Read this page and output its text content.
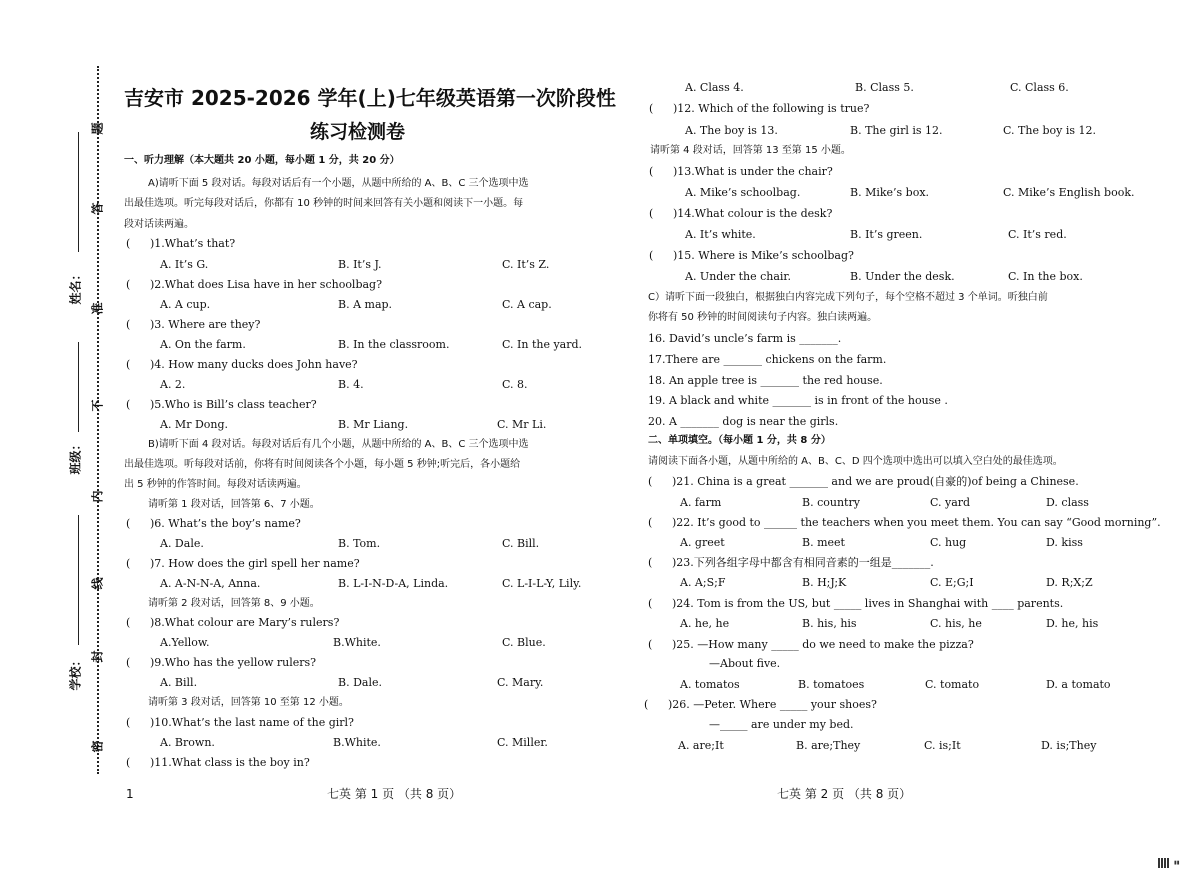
题
答
准
不
内
线
封
密
姓名：
班级：
学校：
吉安市 2025-2026 学年(上)七年级英语第一次阶段性
练习检测卷
一、听力理解（本大题共 20 小题，每小题 1 分，共 20 分）
A)请听下面 5 段对话。每段对话后有一个小题，从题中所给的 A、B、C 三个选项中选
出最佳选项。听完每段对话后，你都有 10 秒钟的时间来回答有关小题和阅读下一小题。每
段对话读两遍。
( )1.What’s that?
A. It’s G.	B. It’s J.	C. It’s Z.
( )2.What does Lisa have in her schoolbag?
A. A cup.	B. A map.	C. A cap.
( )3. Where are they?
A. On the farm.	B. In the classroom.	C. In the yard.
( )4. How many ducks does John have?
A. 2.	B. 4.	C. 8.
( )5.Who is Bill’s class teacher?
A. Mr Dong.	B. Mr Liang.	C. Mr Li.
B)请听下面 4 段对话。每段对话后有几个小题，从题中所给的 A、B、C 三个选项中选
出最佳选项。听每段对话前，你将有时间阅读各个小题，每小题 5 秒钟;听完后，各小题给
出 5 秒钟的作答时间。每段对话读两遍。
请听第 1 段对话，回答第 6、7 小题。
( )6. What’s the boy’s name?
A. Dale.	B. Tom.	C. Bill.
( )7. How does the girl spell her name?
A. A-N-N-A, Anna.	B. L-I-N-D-A, Linda.	C. L-I-L-Y, Lily.
请听第 2 段对话，回答第 8、9 小题。
( )8.What colour are Mary’s rulers?
A.Yellow.	B.White.	C. Blue.
( )9.Who has the yellow rulers?
A. Bill.	B. Dale.	C. Mary.
请听第 3 段对话，回答第 10 至第 12 小题。
( )10.What’s the last name of the girl?
A. Brown.	B.White.	C. Miller.
( )11.What class is the boy in?
1	七英 第 1 页 （共 8 页）
A. Class 4.	B. Class 5.	C. Class 6.
( )12. Which of the following is true?
A. The boy is 13.	B. The girl is 12.	C. The boy is 12.
请听第 4 段对话，回答第 13 至第 15 小题。
( )13.What is under the chair?
A. Mike’s schoolbag.	B. Mike’s box.	C. Mike’s English book.
( )14.What colour is the desk?
A. It’s white.	B. It’s green.	C. It’s red.
( )15. Where is Mike’s schoolbag?
A. Under the chair.	B. Under the desk.	C. In the box.
C）请听下面一段独白，根据独白内容完成下列句子，每个空格不超过 3 个单词。听独白前
你将有 50 秒钟的时间阅读句子内容。独白读两遍。
16. David’s uncle’s farm is _______.
17.There are _______ chickens on the farm.
18. An apple tree is _______ the red house.
19. A black and white _______ is in front of the house .
20. A _______ dog is near the girls.
二、单项填空。（每小题 1 分，共 8 分）
请阅读下面各小题，从题中所给的 A、B、C、D 四个选项中选出可以填入空白处的最佳选项。
( )21. China is a great _______ and we are proud(自豪的)of being a Chinese.
A. farm	B. country	C. yard	D. class
( )22. It’s good to ______ the teachers when you meet them. You can say “Good morning”.
A. greet	B. meet	C. hug	D. kiss
( )23.下列各组字母中都含有相同音素的一组是_______.
A. A;S;F	B. H;J;K	C. E;G;I	D. R;X;Z
( )24. Tom is from the US, but _____ lives in Shanghai with ____ parents.
A. he, he	B. his, his	C. his, he	D. he, his
( )25. —How many _____ do we need to make the pizza?
—About five.
A. tomatos	B. tomatoes	C. tomato	D. a tomato
( )26. —Peter. Where _____ your shoes?
—_____ are under my bed.
A. are;It	B. are;They	C. is;It	D. is;They
七英 第 2 页 （共 8 页）
▮▮
